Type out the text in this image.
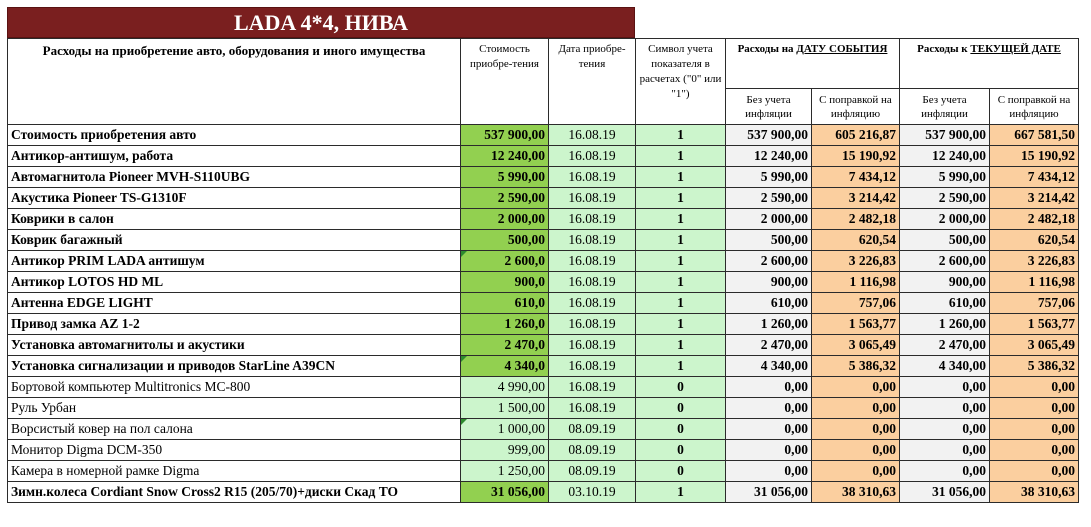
LADA 4*4, НИВА
Расходы на приобретение авто, оборудования и иного имущества	Стоимость приобре-тения	Дата приобре-тения	Символ учета показателя в расчетах ("0" или "1")	Расходы на ДАТУ СОБЫТИЯ		Расходы к ТЕКУЩЕЙ ДАТЕ	
				Без учета инфляции	С поправкой на инфляцию	Без учета инфляции	С поправкой на инфляцию
Стоимость приобретения авто	537 900,00	16.08.19	1	537 900,00	605 216,87	537 900,00	667 581,50
Антикор-антишум, работа	12 240,00	16.08.19	1	12 240,00	15 190,92	12 240,00	15 190,92
Автомагнитола Pioneer MVH-S110UBG	5 990,00	16.08.19	1	5 990,00	7 434,12	5 990,00	7 434,12
Акустика Pioneer TS-G1310F	2 590,00	16.08.19	1	2 590,00	3 214,42	2 590,00	3 214,42
Коврики в салон	2 000,00	16.08.19	1	2 000,00	2 482,18	2 000,00	2 482,18
Коврик багажный	500,00	16.08.19	1	500,00	620,54	500,00	620,54
Антикор PRIM LADA антишум	2 600,0	16.08.19	1	2 600,00	3 226,83	2 600,00	3 226,83
Антикор LOTOS HD ML	900,0	16.08.19	1	900,00	1 116,98	900,00	1 116,98
Антенна EDGE LIGHT	610,0	16.08.19	1	610,00	757,06	610,00	757,06
Привод замка AZ 1-2	1 260,0	16.08.19	1	1 260,00	1 563,77	1 260,00	1 563,77
Установка автомагнитолы и акустики	2 470,0	16.08.19	1	2 470,00	3 065,49	2 470,00	3 065,49
Установка сигнализации и приводов StarLine A39CN	4 340,0	16.08.19	1	4 340,00	5 386,32	4 340,00	5 386,32
Бортовой компьютер Multitronics MC-800	4 990,00	16.08.19	0	0,00	0,00	0,00	0,00
Руль Урбан	1 500,00	16.08.19	0	0,00	0,00	0,00	0,00
Ворсистый ковер на пол салона	1 000,00	08.09.19	0	0,00	0,00	0,00	0,00
Монитор Digma DCM-350	999,00	08.09.19	0	0,00	0,00	0,00	0,00
Камера в номерной рамке Digma	1 250,00	08.09.19	0	0,00	0,00	0,00	0,00
Зимн.колеса Cordiant Snow Cross2 R15 (205/70)+диски Скад ТО	31 056,00	03.10.19	1	31 056,00	38 310,63	31 056,00	38 310,63
